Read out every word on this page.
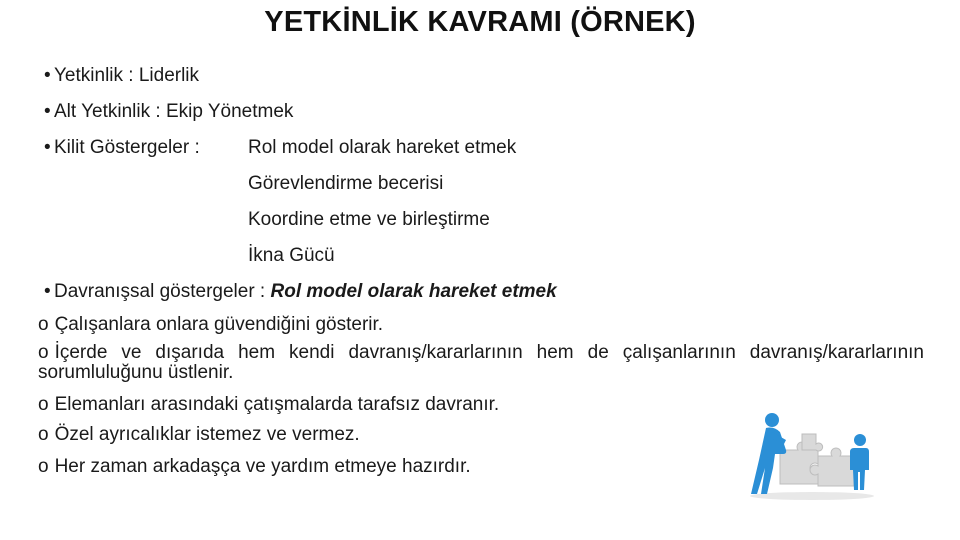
YETKİNLİK KAVRAMI (ÖRNEK)
• Yetkinlik : Liderlik
• Alt Yetkinlik : Ekip Yönetmek
• Kilit Göstergeler :	Rol model olarak hareket etmek
Görevlendirme becerisi
Koordine etme ve birleştirme
İkna Gücü
• Davranışsal göstergeler : Rol model olarak hareket etmek
o Çalışanlara onlara güvendiğini gösterir.
o İçerde ve dışarıda hem kendi davranış/kararlarının hem de çalışanlarının davranış/kararlarının sorumluluğunu üstlenir.
o Elemanları arasındaki çatışmalarda tarafsız davranır.
o Özel ayrıcalıklar istemez ve vermez.
o Her zaman arkadaşça ve yardım etmeye hazırdır.
